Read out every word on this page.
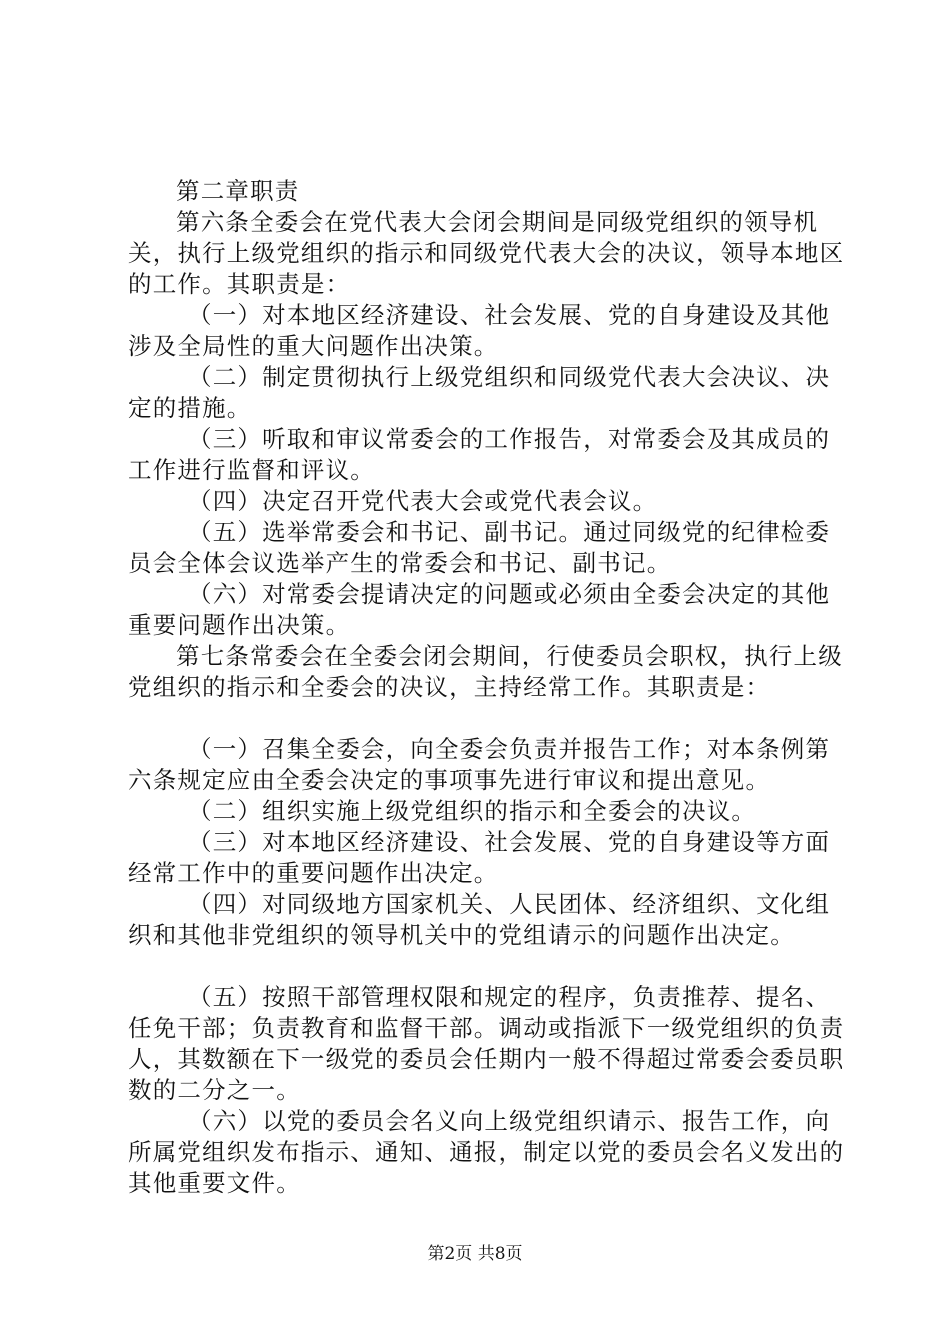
第二章职责

第六条全委会在党代表大会闭会期间是同级党组织的领导机关，执行上级党组织的指示和同级党代表大会的决议，领导本地区的工作。其职责是：

（一）对本地区经济建设、社会发展、党的自身建设及其他涉及全局性的重大问题作出决策。

（二）制定贯彻执行上级党组织和同级党代表大会决议、决定的措施。

（三）听取和审议常委会的工作报告，对常委会及其成员的工作进行监督和评议。

（四）决定召开党代表大会或党代表会议。

（五）选举常委会和书记、副书记。通过同级党的纪律检委员会全体会议选举产生的常委会和书记、副书记。

（六）对常委会提请决定的问题或必须由全委会决定的其他重要问题作出决策。

第七条常委会在全委会闭会期间，行使委员会职权，执行上级党组织的指示和全委会的决议，主持经常工作。其职责是：

（一）召集全委会，向全委会负责并报告工作；对本条例第六条规定应由全委会决定的事项事先进行审议和提出意见。

（二）组织实施上级党组织的指示和全委会的决议。

（三）对本地区经济建设、社会发展、党的自身建设等方面经常工作中的重要问题作出决定。

（四）对同级地方国家机关、人民团体、经济组织、文化组织和其他非党组织的领导机关中的党组请示的问题作出决定。

（五）按照干部管理权限和规定的程序，负责推荐、提名、任免干部；负责教育和监督干部。调动或指派下一级党组织的负责人，其数额在下一级党的委员会任期内一般不得超过常委会委员职数的二分之一。

（六）以党的委员会名义向上级党组织请示、报告工作，向所属党组织发布指示、通知、通报，制定以党的委员会名义发出的其他重要文件。

第2页 共8页
